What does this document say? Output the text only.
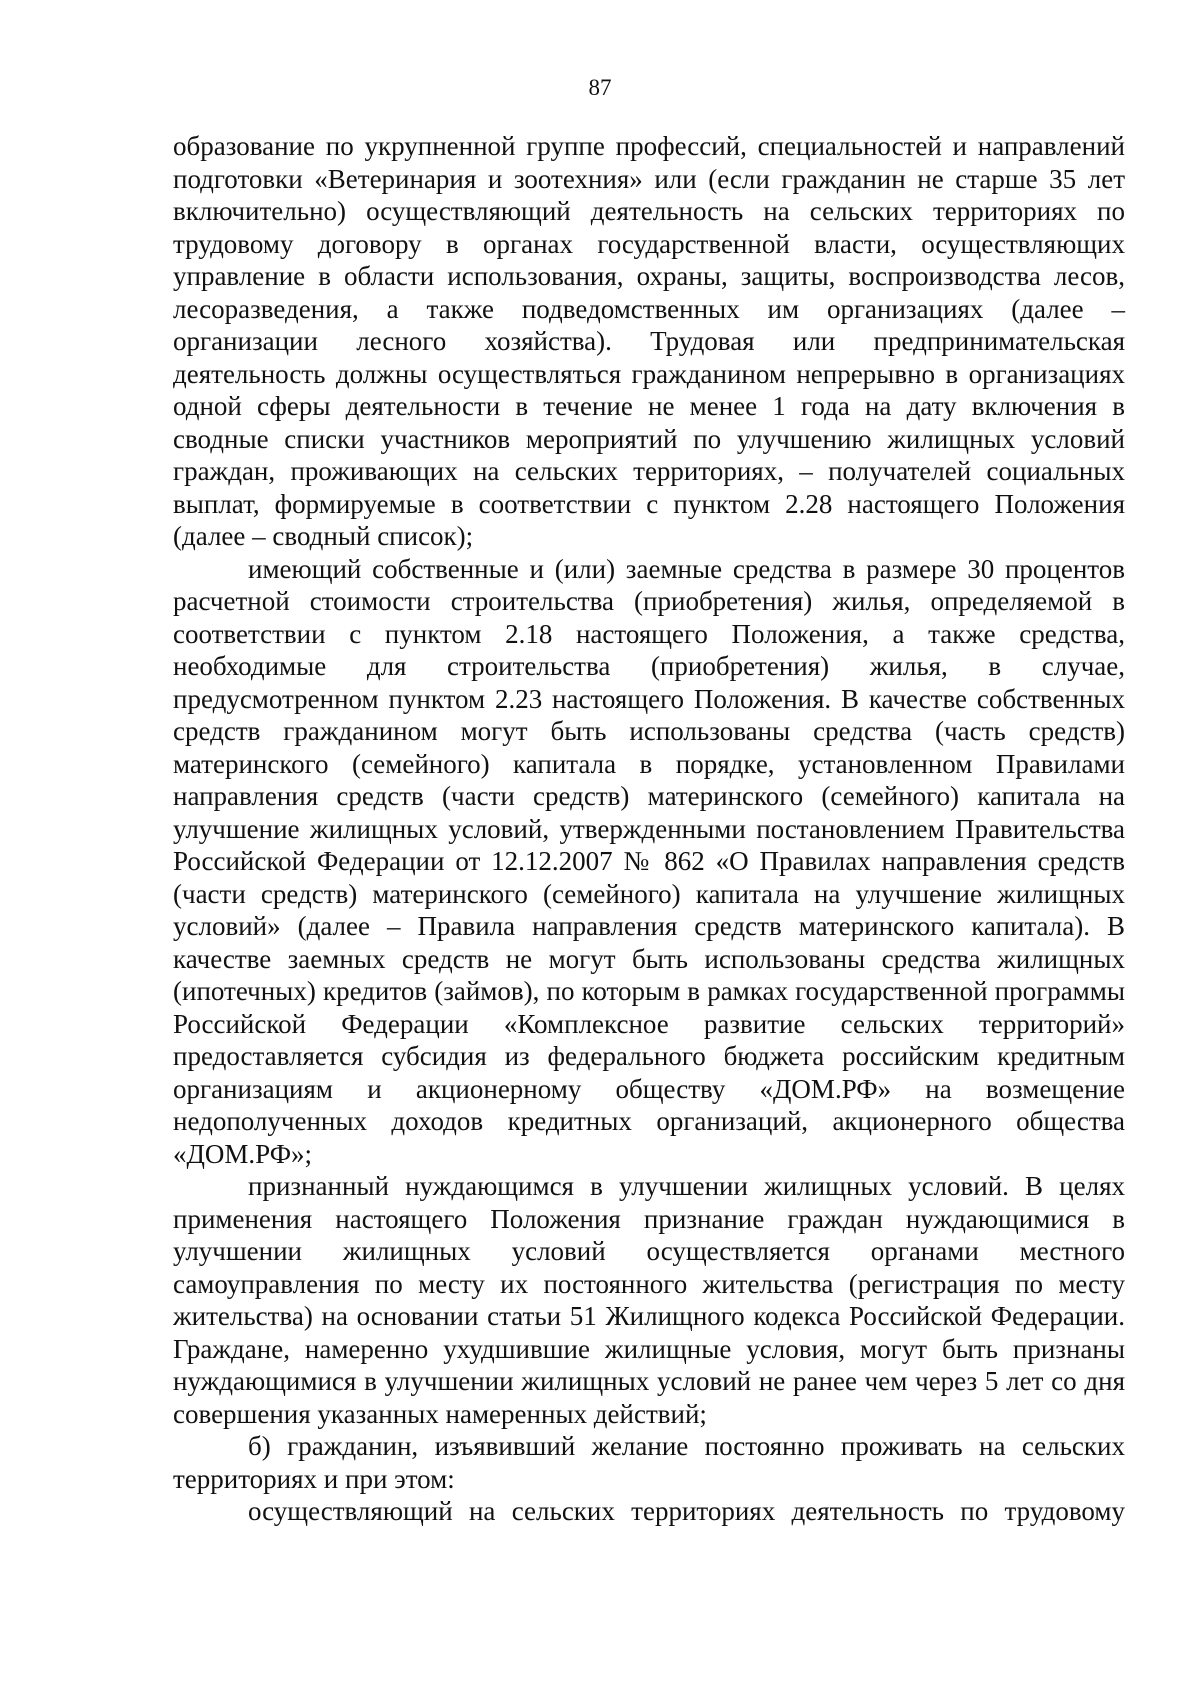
87

образование по укрупненной группе профессий, специальностей и направлений подготовки «Ветеринария и зоотехния» или (если гражданин не старше 35 лет включительно) осуществляющий деятельность на сельских территориях по трудовому договору в органах государственной власти, осуществляющих управление в области использования, охраны, защиты, воспроизводства лесов, лесоразведения, а также подведомственных им организациях (далее – организации лесного хозяйства). Трудовая или предпринимательская деятельность должны осуществляться гражданином непрерывно в организациях одной сферы деятельности в течение не менее 1 года на дату включения в сводные списки участников мероприятий по улучшению жилищных условий граждан, проживающих на сельских территориях, – получателей социальных выплат, формируемые в соответствии с пунктом 2.28 настоящего Положения (далее – сводный список);

имеющий собственные и (или) заемные средства в размере 30 процентов расчетной стоимости строительства (приобретения) жилья, определяемой в соответствии с пунктом 2.18 настоящего Положения, а также средства, необходимые для строительства (приобретения) жилья, в случае, предусмотренном пунктом 2.23 настоящего Положения. В качестве собственных средств гражданином могут быть использованы средства (часть средств) материнского (семейного) капитала в порядке, установленном Правилами направления средств (части средств) материнского (семейного) капитала на улучшение жилищных условий, утвержденными постановлением Правительства Российской Федерации от 12.12.2007 № 862 «О Правилах направления средств (части средств) материнского (семейного) капитала на улучшение жилищных условий» (далее – Правила направления средств материнского капитала). В качестве заемных средств не могут быть использованы средства жилищных (ипотечных) кредитов (займов), по которым в рамках государственной программы Российской Федерации «Комплексное развитие сельских территорий» предоставляется субсидия из федерального бюджета российским кредитным организациям и акционерному обществу «ДОМ.РФ» на возмещение недополученных доходов кредитных организаций, акционерного общества «ДОМ.РФ»;

признанный нуждающимся в улучшении жилищных условий. В целях применения настоящего Положения признание граждан нуждающимися в улучшении жилищных условий осуществляется органами местного самоуправления по месту их постоянного жительства (регистрация по месту жительства) на основании статьи 51 Жилищного кодекса Российской Федерации. Граждане, намеренно ухудшившие жилищные условия, могут быть признаны нуждающимися в улучшении жилищных условий не ранее чем через 5 лет со дня совершения указанных намеренных действий;

б) гражданин, изъявивший желание постоянно проживать на сельских территориях и при этом:

осуществляющий на сельских территориях деятельность по трудовому
